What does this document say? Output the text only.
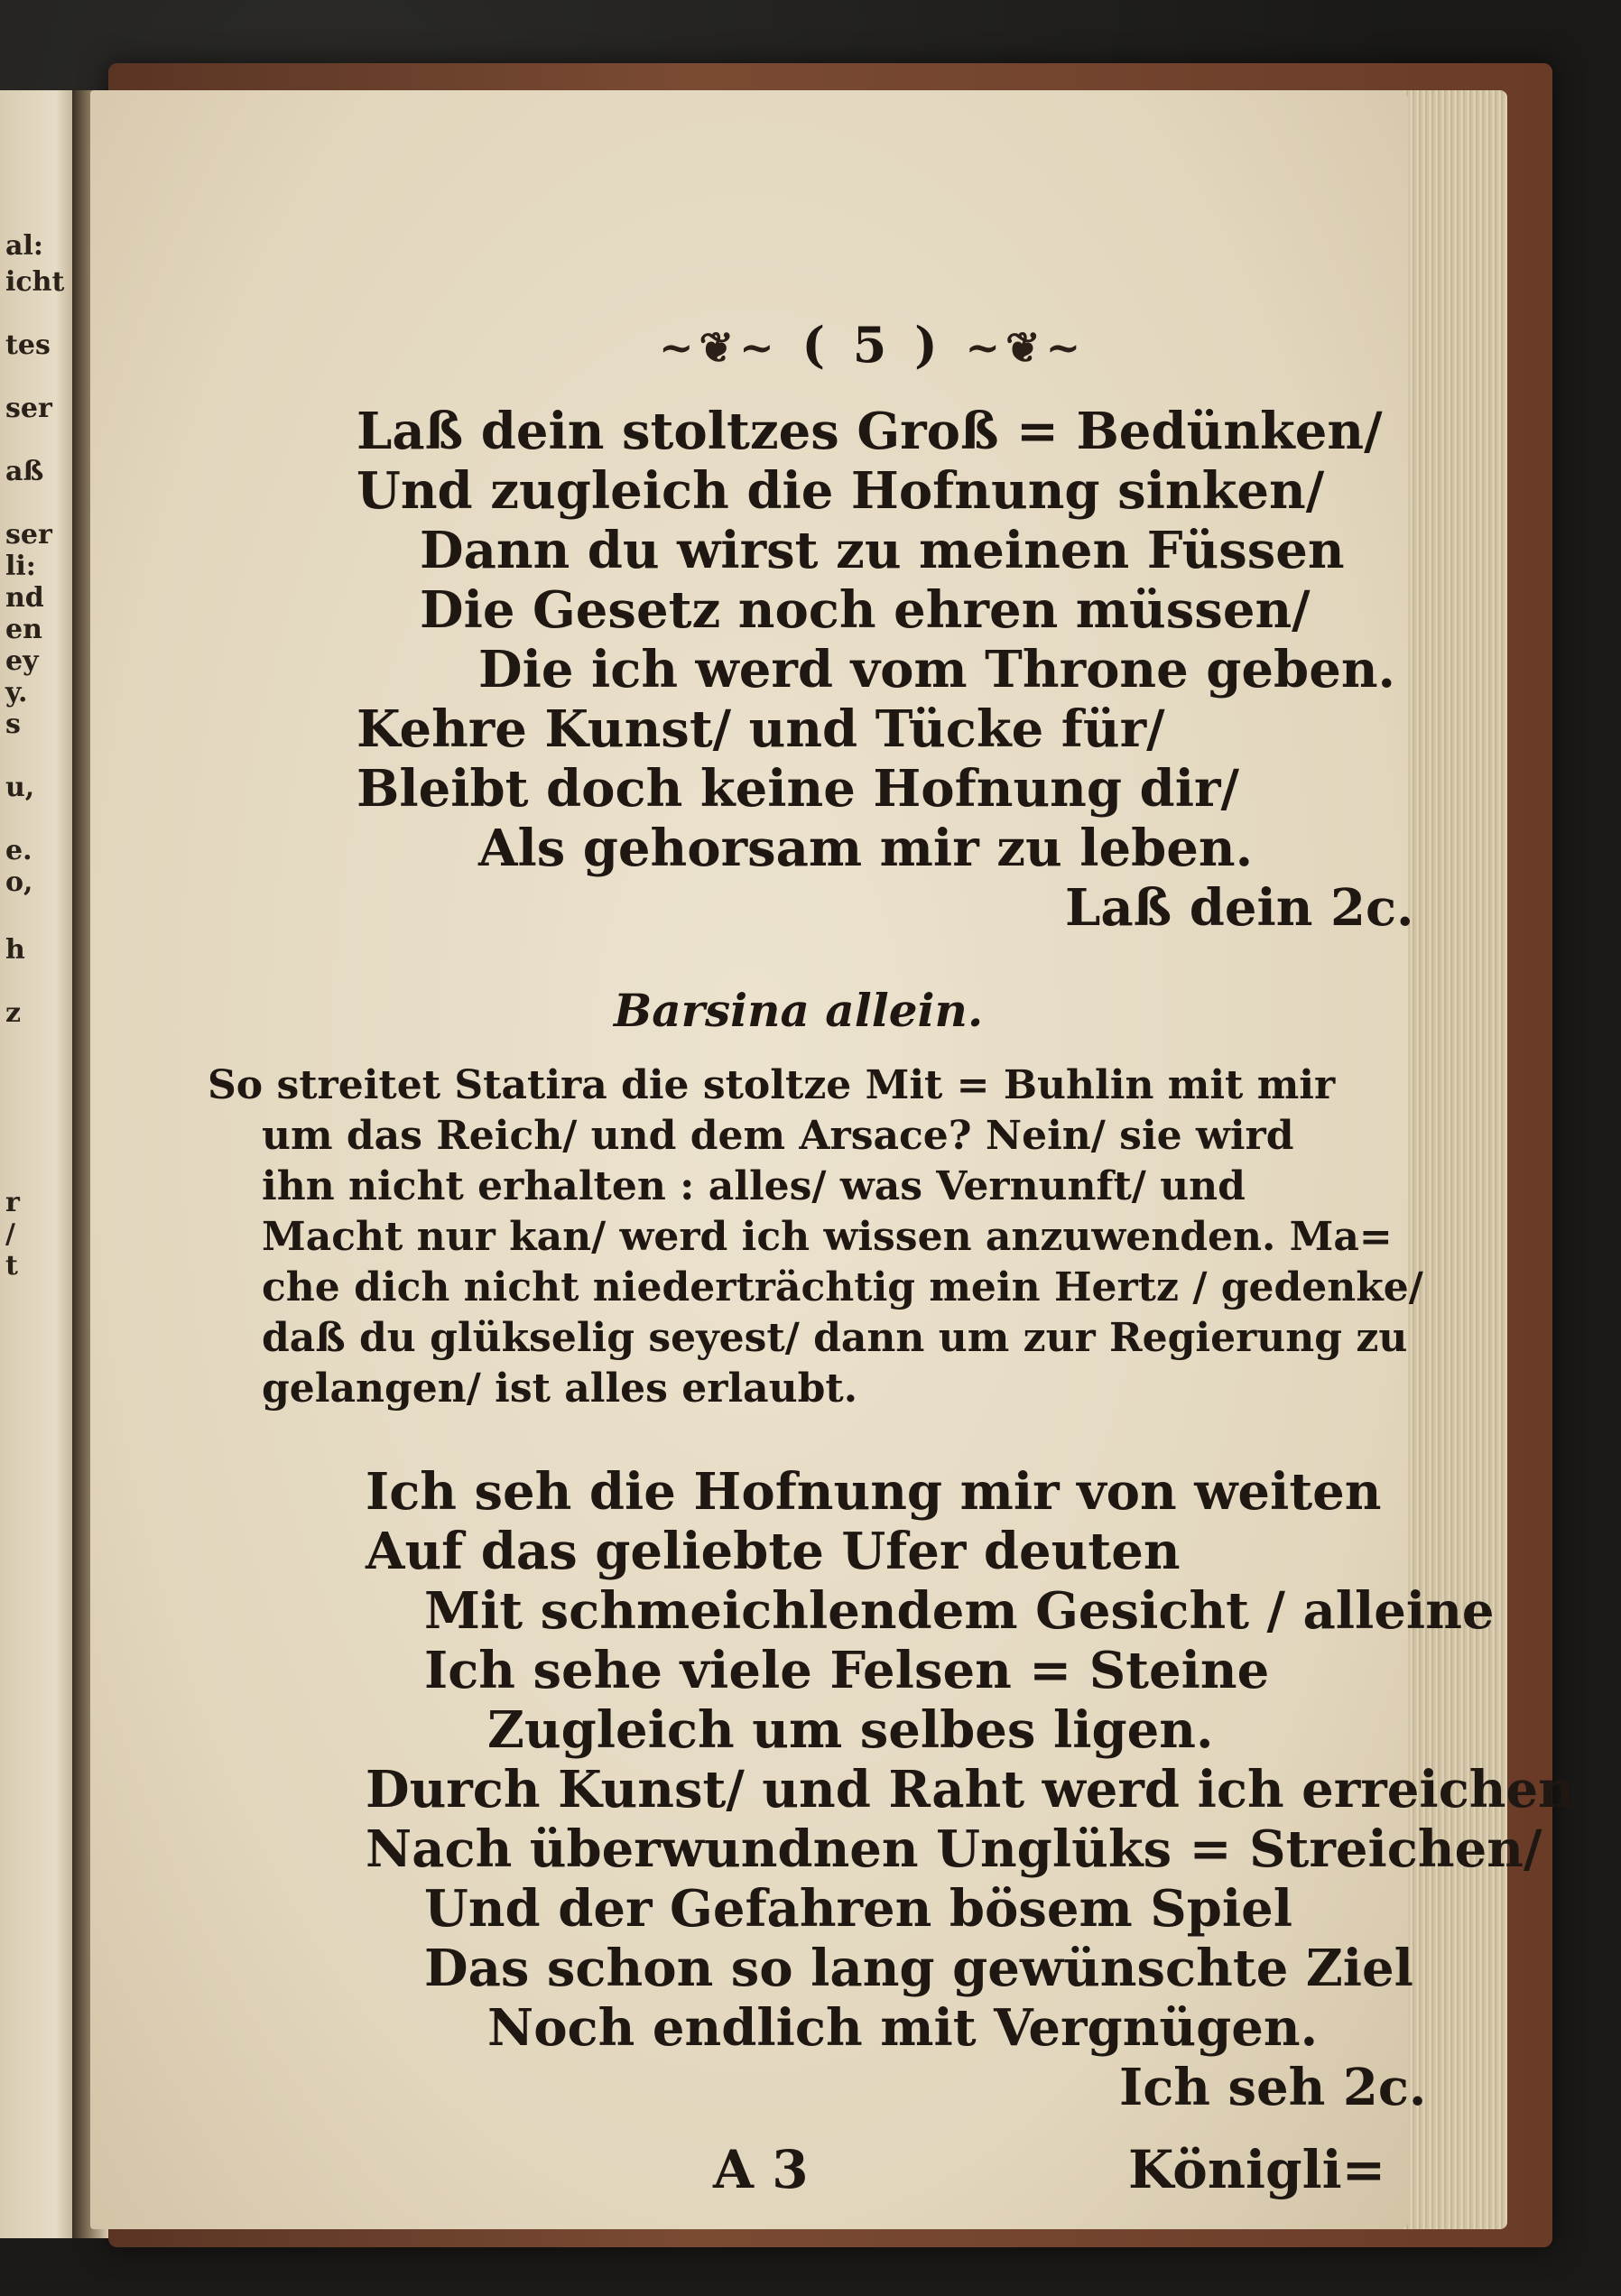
al:
icht
tes
ser
aß
ser
li:
nd
en
ey
y.
s
u,
e.
o,
h
z
r
/
t
~❦~ ( 5 ) ~❦~
Laß dein stoltzes Groß = Bedünken/
Und zugleich die Hofnung sinken/
Dann du wirst zu meinen Füssen
Die Gesetz noch ehren müssen/
Die ich werd vom Throne geben.
Kehre Kunst/ und Tücke für/
Bleibt doch keine Hofnung dir/
Als gehorsam mir zu leben.
Laß dein 2c.
Barsina allein.
So streitet Statira die stoltze Mit = Buhlin mit mir
um das Reich/ und dem Arsace? Nein/ sie wird
ihn nicht erhalten : alles/ was Vernunft/ und
Macht nur kan/ werd ich wissen anzuwenden. Ma=
che dich nicht niederträchtig mein Hertz / gedenke/
daß du glükselig seyest/ dann um zur Regierung zu
gelangen/ ist alles erlaubt.
Ich seh die Hofnung mir von weiten
Auf das geliebte Ufer deuten
Mit schmeichlendem Gesicht / alleine
Ich sehe viele Felsen = Steine
Zugleich um selbes ligen.
Durch Kunst/ und Raht werd ich erreichen
Nach überwundnen Unglüks = Streichen/
Und der Gefahren bösem Spiel
Das schon so lang gewünschte Ziel
Noch endlich mit Vergnügen.
Ich seh 2c.
A 3	Königli=
